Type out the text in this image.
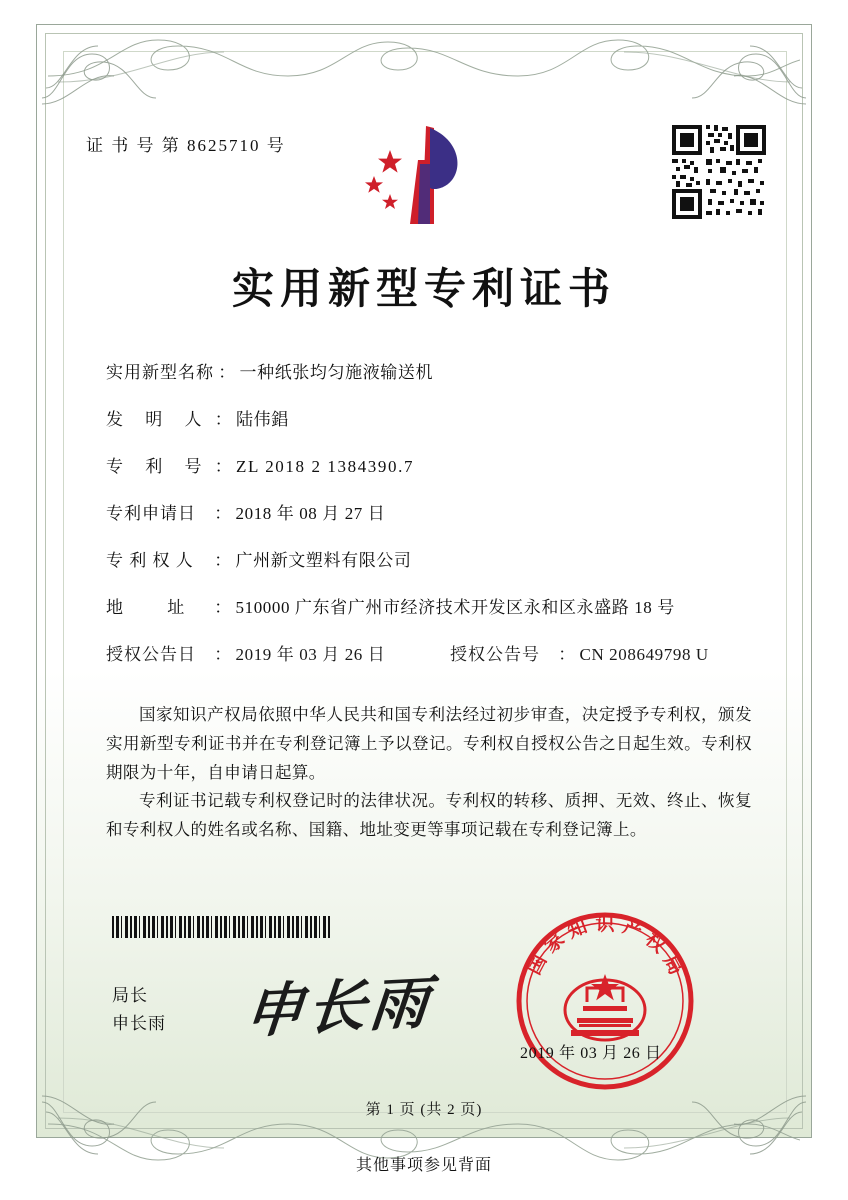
证 书 号 第 8625710 号
实用新型专利证书
实用新型名称 ： 一种纸张均匀施液输送机
发 明 人 ： 陆伟錩
专 利 号 ： ZL 2018 2 1384390.7
专利申请日 ： 2018 年 08 月 27 日
专 利 权 人 ： 广州新文塑料有限公司
地 址 ： 510000 广东省广州市经济技术开发区永和区永盛路 18 号
授权公告日 ： 2019 年 03 月 26 日	授权公告号 ： CN 208649798 U
国家知识产权局依照中华人民共和国专利法经过初步审查，决定授予专利权，颁发实用新型专利证书并在专利登记簿上予以登记。专利权自授权公告之日起生效。专利权期限为十年，自申请日起算。
专利证书记载专利权登记时的法律状况。专利权的转移、质押、无效、终止、恢复和专利权人的姓名或名称、国籍、地址变更等事项记载在专利登记簿上。
局长
申长雨 申长雨
国
家
知 识 产
权
局
2019 年 03 月 26 日
第 1 页 (共 2 页)
其他事项参见背面
